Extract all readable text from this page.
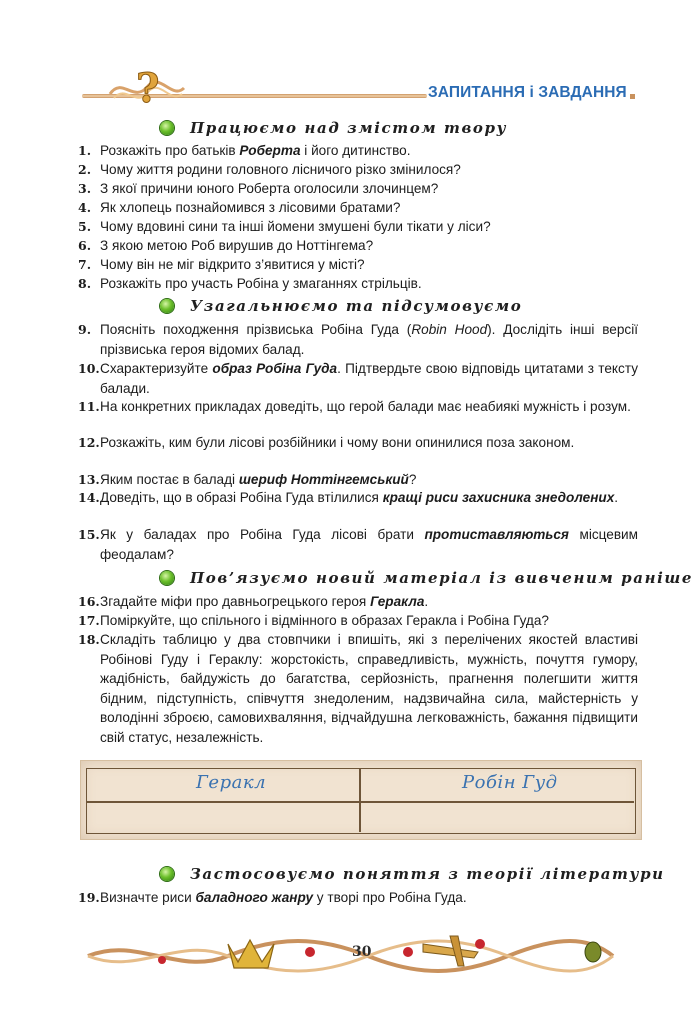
?	ЗАПИТАННЯ і ЗАВДАННЯ
Працюємо над змістом твору
1. Розкажіть про батьків Роберта і його дитинство.
2. Чому життя родини головного лісничого різко змінилося?
3. З якої причини юного Роберта оголосили злочинцем?
4. Як хлопець познайомився з лісовими братами?
5. Чому вдовині сини та інші йомени змушені були тікати у ліси?
6. З якою метою Роб вирушив до Ноттінгема?
7. Чому він не міг відкрито з’явитися у місті?
8. Розкажіть про участь Робіна у змаганнях стрільців.
Узагальнюємо та підсумовуємо
9. Поясніть походження прізвиська Робіна Гуда (Robin Hood). Дослідіть інші версії прізвиська героя відомих балад.
10. Схарактеризуйте образ Робіна Гуда. Підтвердьте свою відповідь цитатами з тексту балади.
11. На конкретних прикладах доведіть, що герой балади має неабиякі мужність і розум.
12. Розкажіть, ким були лісові розбійники і чому вони опинилися поза законом.
13. Яким постає в баладі шериф Ноттінгемський?
14. Доведіть, що в образі Робіна Гуда втілилися кращі риси захисника знедолених.
15. Як у баладах про Робіна Гуда лісові брати протиставляються місцевим феодалам?
Пов’язуємо новий матеріал із вивченим раніше
16. Згадайте міфи про давньогрецького героя Геракла.
17. Поміркуйте, що спільного і відмінного в образах Геракла і Робіна Гуда?
18. Складіть таблицю у два стовпчики і впишіть, які з перелічених якостей властиві Робінові Гуду і Гераклу: жорстокість, справедливість, мужність, почуття гумору, жадібність, байдужість до багатства, серйозність, прагнення полегшити життя бідним, підступність, співчуття знедоленим, надзвичайна сила, майстерність у володінні зброєю, самовихваляння, відчайдушна легковажність, бажання підвищити свій статус, незалежність.
Геракл	Робін Гуд
Застосовуємо поняття з теорії літератури
19. Визначте риси баладного жанру у творі про Робіна Гуда.
30
